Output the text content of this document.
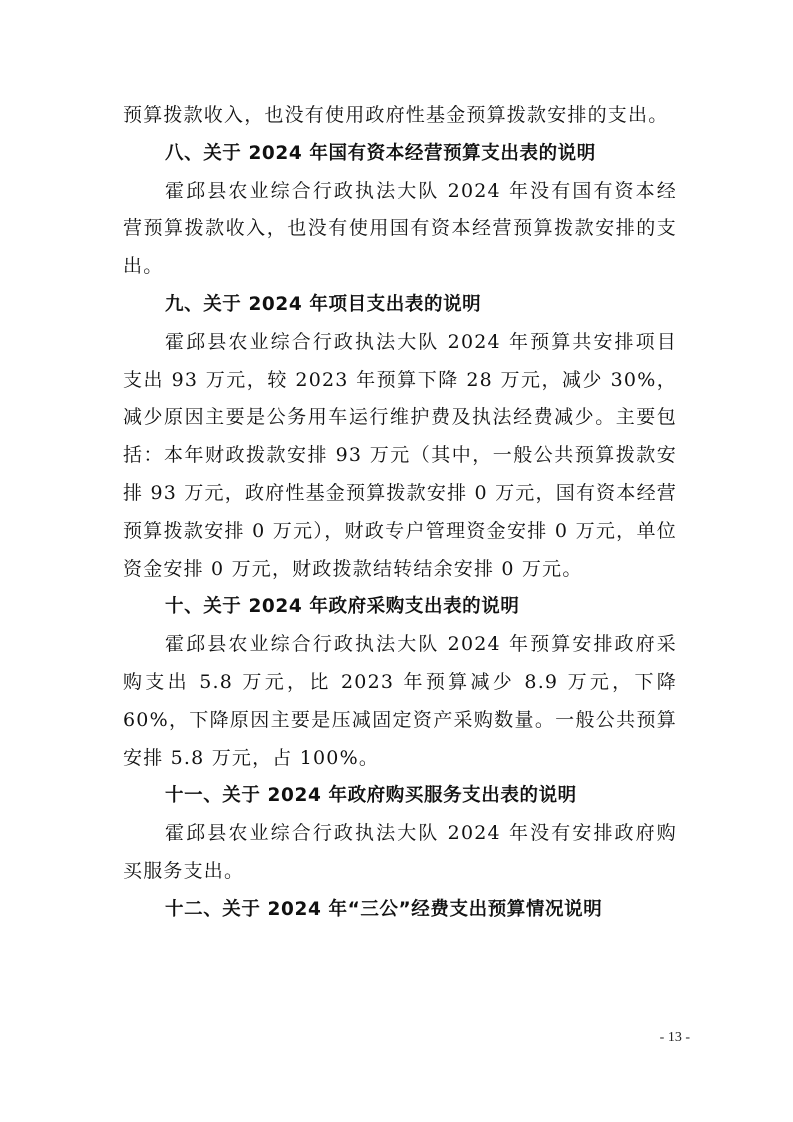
预算拨款收入，也没有使用政府性基金预算拨款安排的支出。

八、关于 2024 年国有资本经营预算支出表的说明

霍邱县农业综合行政执法大队 2024 年没有国有资本经营预算拨款收入，也没有使用国有资本经营预算拨款安排的支出。

九、关于 2024 年项目支出表的说明

霍邱县农业综合行政执法大队 2024 年预算共安排项目支出 93 万元，较 2023 年预算下降 28 万元，减少 30%，减少原因主要是公务用车运行维护费及执法经费减少。主要包括：本年财政拨款安排 93 万元（其中，一般公共预算拨款安排 93 万元，政府性基金预算拨款安排 0 万元，国有资本经营预算拨款安排 0 万元），财政专户管理资金安排 0 万元，单位资金安排 0 万元，财政拨款结转结余安排 0 万元。

十、关于 2024 年政府采购支出表的说明

霍邱县农业综合行政执法大队 2024 年预算安排政府采购支出 5.8 万元，比 2023 年预算减少 8.9 万元，下降 60%，下降原因主要是压减固定资产采购数量。一般公共预算安排 5.8 万元，占 100%。

十一、关于 2024 年政府购买服务支出表的说明

霍邱县农业综合行政执法大队 2024 年没有安排政府购买服务支出。

十二、关于 2024 年“三公”经费支出预算情况说明

- 13 -
